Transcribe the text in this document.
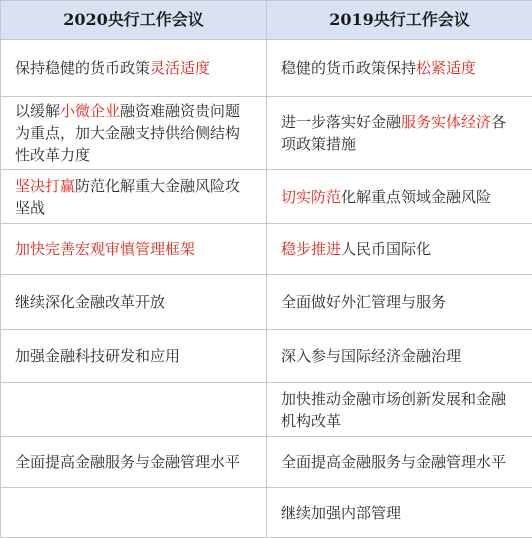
2020央行工作会议	2019央行工作会议
保持稳健的货币政策灵活适度	稳健的货币政策保持松紧适度
以缓解小微企业融资难融资贵问题为重点，加大金融支持供给侧结构性改革力度	进一步落实好金融服务实体经济各项政策措施
坚决打赢防范化解重大金融风险攻坚战	切实防范化解重点领域金融风险
加快完善宏观审慎管理框架	稳步推进人民币国际化
继续深化金融改革开放	全面做好外汇管理与服务
加强金融科技研发和应用	深入参与国际经济金融治理
	加快推动金融市场创新发展和金融机构改革
全面提高金融服务与金融管理水平	全面提高金融服务与金融管理水平
	继续加强内部管理
